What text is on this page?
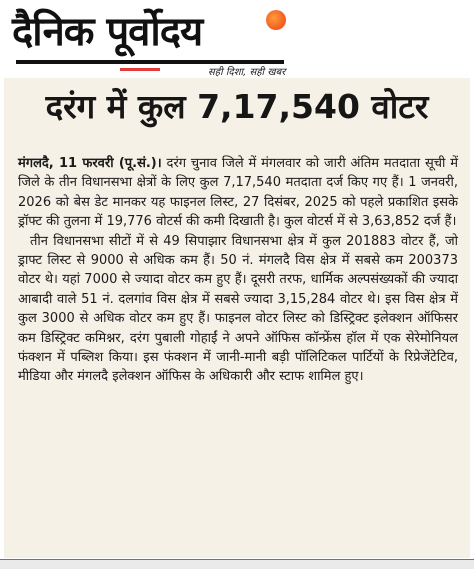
दैनिक पूर्वोदय
सही दिशा, सही खबर
दरंग में कुल 7,17,540 वोटर

मंगलदै, 11 फरवरी (पू.सं.)। दरंग चुनाव जिले में मंगलवार को जारी अंतिम मतदाता सूची में जिले के तीन विधानसभा क्षेत्रों के लिए कुल 7,17,540 मतदाता दर्ज किए गए हैं। 1 जनवरी, 2026 को बेस डेट मानकर यह फाइनल लिस्ट, 27 दिसंबर, 2025 को पहले प्रकाशित इसके ड्रॉफ्ट की तुलना में 19,776 वोटर्स की कमी दिखाती है। कुल वोटर्स में से 3,63,852 दर्ज हैं।

तीन विधानसभा सीटों में से 49 सिपाझार विधानसभा क्षेत्र में कुल 201883 वोटर हैं, जो ड्राफ्ट लिस्ट से 9000 से अधिक कम हैं। 50 नं. मंगलदै विस क्षेत्र में सबसे कम 200373 वोटर थे। यहां 7000 से ज्यादा वोटर कम हुए हैं। दूसरी तरफ, धार्मिक अल्पसंख्यकों की ज्यादा आबादी वाले 51 नं. दलगांव विस क्षेत्र में सबसे ज्यादा 3,15,284 वोटर थे। इस विस क्षेत्र में कुल 3000 से अधिक वोटर कम हुए हैं। फाइनल वोटर लिस्ट को डिस्ट्रिक्ट इलेक्शन ऑफिसर कम डिस्ट्रिक्ट कमिश्नर, दरंग पुबाली गोहाईं ने अपने ऑफिस कॉन्फ्रेंस हॉल में एक सेरेमोनियल फंक्शन में पब्लिश किया। इस फंक्शन में जानी-मानी बड़ी पॉलिटिकल पार्टियों के रिप्रेजेंटेटिव, मीडिया और मंगलदै इलेक्शन ऑफिस के अधिकारी और स्टाफ शामिल हुए।
